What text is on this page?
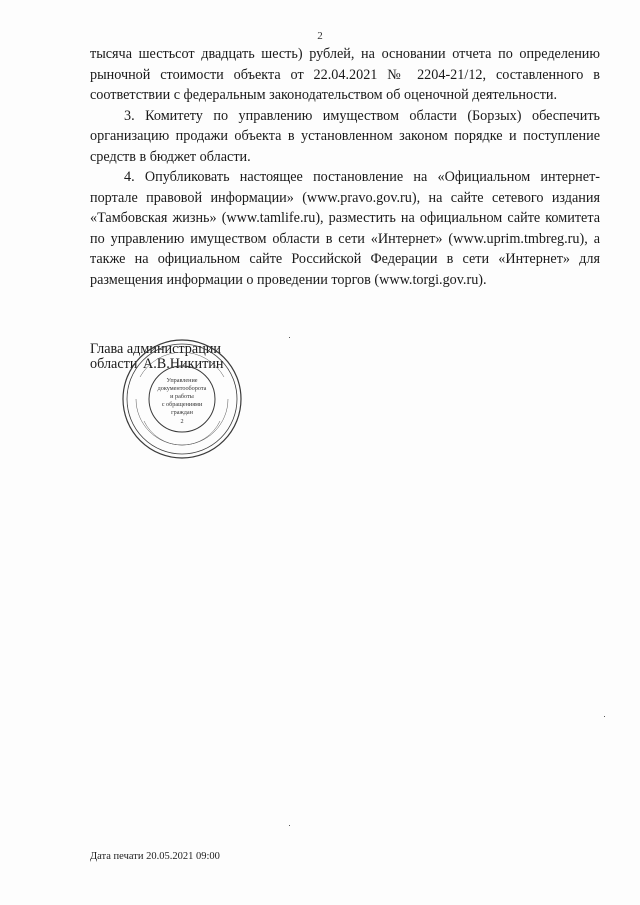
2

тысяча шестьсот двадцать шесть) рублей, на основании отчета по определению рыночной стоимости объекта от 22.04.2021 № 2204-21/12, составленного в соответствии с федеральным законодательством об оценочной деятельности.

3. Комитету по управлению имуществом области (Борзых) обеспечить организацию продажи объекта в установленном законом порядке и поступление средств в бюджет области.

4. Опубликовать настоящее постановление на «Официальном интернет-портале правовой информации» (www.pravo.gov.ru), на сайте сетевого издания «Тамбовская жизнь» (www.tamlife.ru), разместить на официальном сайте комитета по управлению имуществом области в сети «Интернет» (www.uprim.tmbreg.ru), а также на официальном сайте Российской Федерации в сети «Интернет» для размещения информации о проведении торгов (www.torgi.gov.ru).

Глава администрации
области А.В.Никитин
Управление
документооборота
и работы
с обращениями
граждан
2
Дата печати 20.05.2021 09:00
